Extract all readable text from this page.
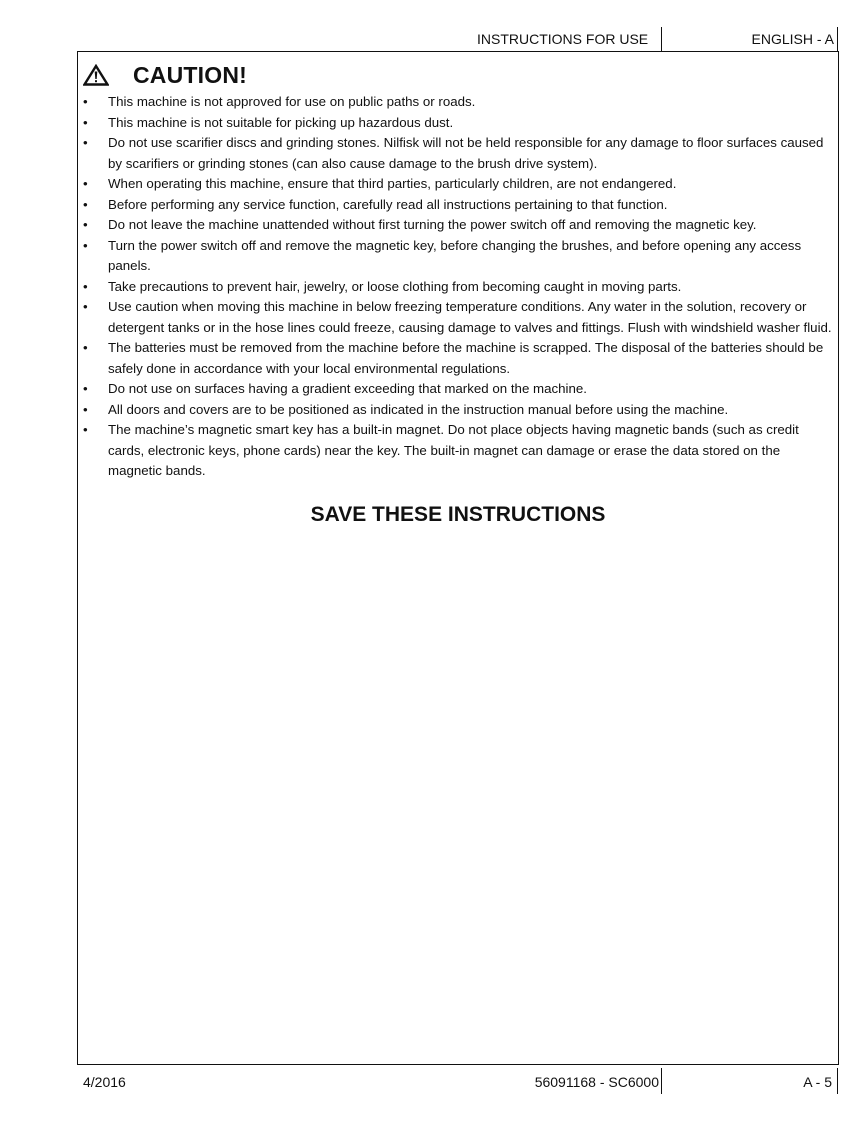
INSTRUCTIONS FOR USE	ENGLISH - A
CAUTION!
•	This machine is not approved for use on public paths or roads.
•	This machine is not suitable for picking up hazardous dust.
•	Do not use scarifier discs and grinding stones. Nilfisk will not be held responsible for any damage to floor surfaces caused by scarifiers or grinding stones (can also cause damage to the brush drive system).
•	When operating this machine, ensure that third parties, particularly children, are not endangered.
•	Before performing any service function, carefully read all instructions pertaining to that function.
•	Do not leave the machine unattended without first turning the power switch off and removing the magnetic key.
•	Turn the power switch off and remove the magnetic key, before changing the brushes, and before opening any access panels.
•	Take precautions to prevent hair, jewelry, or loose clothing from becoming caught in moving parts.
•	Use caution when moving this machine in below freezing temperature conditions. Any water in the solution, recovery or detergent tanks or in the hose lines could freeze, causing damage to valves and fittings. Flush with windshield washer fluid.
•	The batteries must be removed from the machine before the machine is scrapped. The disposal of the batteries should be safely done in accordance with your local environmental regulations.
•	Do not use on surfaces having a gradient exceeding that marked on the machine.
•	All doors and covers are to be positioned as indicated in the instruction manual before using the machine.
•	The machine’s magnetic smart key has a built-in magnet. Do not place objects having magnetic bands (such as credit cards, electronic keys, phone cards) near the key. The built-in magnet can damage or erase the data stored on the magnetic bands.
SAVE THESE INSTRUCTIONS
4/2016	56091168 - SC6000	A - 5
